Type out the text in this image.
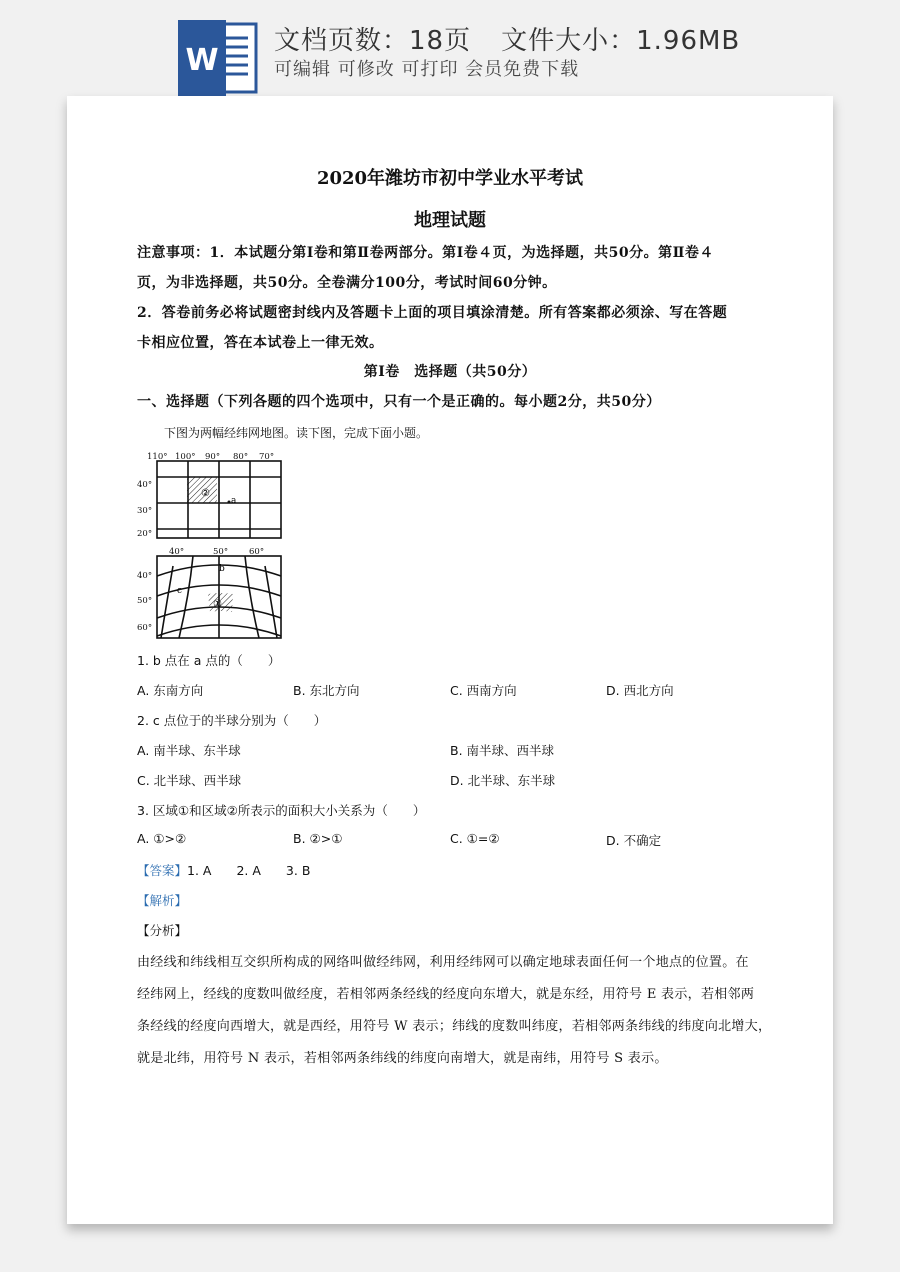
W
文档页数：18页 文件大小：1.96MB
可编辑 可修改 可打印 会员免费下载
2020年潍坊市初中学业水平考试
地理试题
注意事项：1．本试题分第Ⅰ卷和第Ⅱ卷两部分。第Ⅰ卷４页，为选择题，共50分。第Ⅱ卷４
页，为非选择题，共50分。全卷满分100分，考试时间60分钟。
2．答卷前务必将试题密封线内及答题卡上面的项目填涂清楚。所有答案都必须涂、写在答题
卡相应位置，答在本试卷上一律无效。
第Ⅰ卷　选择题（共50分）
一、选择题（下列各题的四个选项中，只有一个是正确的。每小题2分，共50分）
下图为两幅经纬网地图。读下图，完成下面小题。
110° 100° 90° 80° 70°
40°
30°
20°
②
a
40°	50° 60°
40°
50°
60°
b
c
①
1. b 点在 a 点的（　　）
A. 东南方向	B. 东北方向	C. 西南方向	D. 西北方向
2. c 点位于的半球分别为（　　）
A. 南半球、东半球	B. 南半球、西半球
C. 北半球、西半球	D. 北半球、东半球
3. 区域①和区域②所表示的面积大小关系为（　　）
A. ①>②	B. ②>①	C. ①=②	D. 不确定
【答案】1. A　　2. A　　3. B
【解析】
【分析】
由经线和纬线相互交织所构成的网络叫做经纬网，利用经纬网可以确定地球表面任何一个地点的位置。在
经纬网上，经线的度数叫做经度，若相邻两条经线的经度向东增大，就是东经，用符号 E 表示，若相邻两
条经线的经度向西增大，就是西经，用符号 W 表示；纬线的度数叫纬度，若相邻两条纬线的纬度向北增大，
就是北纬，用符号 N 表示，若相邻两条纬线的纬度向南增大，就是南纬，用符号 S 表示。
